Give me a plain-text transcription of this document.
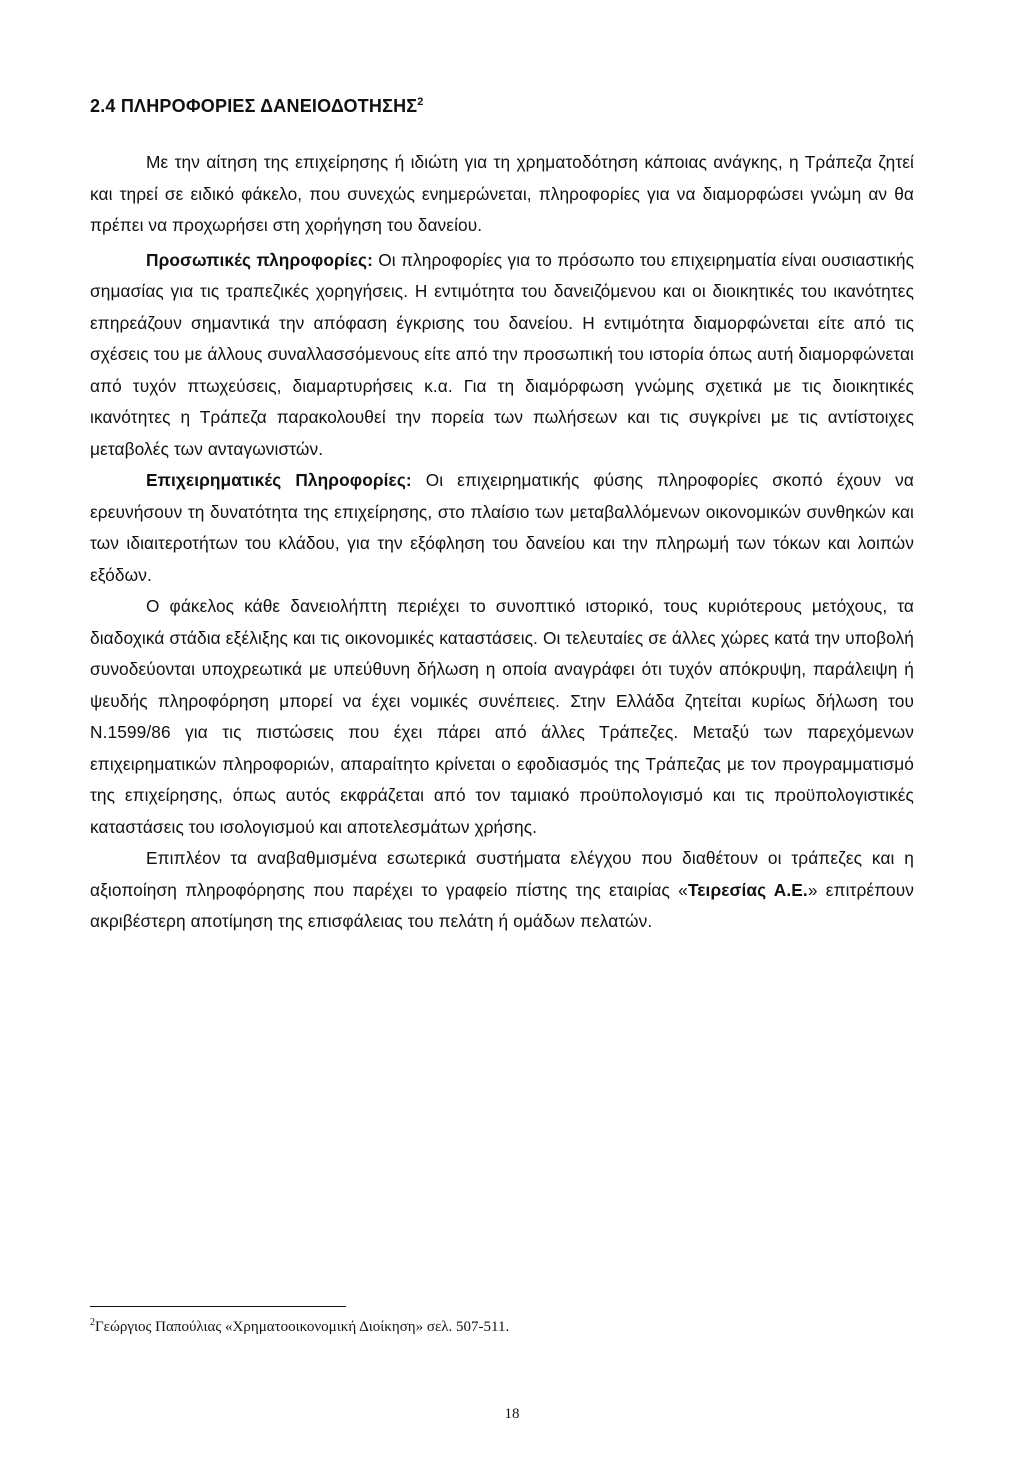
2.4 ΠΛΗΡΟΦΟΡΙΕΣ ΔΑΝΕΙΟΔΟΤΗΣΗΣ$^2$

Με την αίτηση της επιχείρησης ή ιδιώτη για τη χρηματοδότηση κάποιας ανάγκης, η Τράπεζα ζητεί και τηρεί σε ειδικό φάκελο, που συνεχώς ενημερώνεται, πληροφορίες για να διαμορφώσει γνώμη αν θα πρέπει να προχωρήσει στη χορήγηση του δανείου.

Προσωπικές πληροφορίες: Οι πληροφορίες για το πρόσωπο του επιχειρηματία είναι ουσιαστικής σημασίας για τις τραπεζικές χορηγήσεις. Η εντιμότητα του δανειζόμενου και οι διοικητικές του ικανότητες επηρεάζουν σημαντικά την απόφαση έγκρισης του δανείου. Η εντιμότητα διαμορφώνεται είτε από τις σχέσεις του με άλλους συναλλασσόμενους είτε από την προσωπική του ιστορία όπως αυτή διαμορφώνεται από τυχόν πτωχεύσεις, διαμαρτυρήσεις κ.α. Για τη διαμόρφωση γνώμης σχετικά με τις διοικητικές ικανότητες η Τράπεζα παρακολουθεί την πορεία των πωλήσεων και τις συγκρίνει με τις αντίστοιχες μεταβολές των ανταγωνιστών.

Επιχειρηματικές Πληροφορίες: Οι επιχειρηματικής φύσης πληροφορίες σκοπό έχουν να ερευνήσουν τη δυνατότητα της επιχείρησης, στο πλαίσιο των μεταβαλλόμενων οικονομικών συνθηκών και των ιδιαιτεροτήτων του κλάδου, για την εξόφληση του δανείου και την πληρωμή των τόκων και λοιπών εξόδων.

Ο φάκελος κάθε δανειολήπτη περιέχει το συνοπτικό ιστορικό, τους κυριότερους μετόχους, τα διαδοχικά στάδια εξέλιξης και τις οικονομικές καταστάσεις. Οι τελευταίες σε άλλες χώρες κατά την υποβολή συνοδεύονται υποχρεωτικά με υπεύθυνη δήλωση η οποία αναγράφει ότι τυχόν απόκρυψη, παράλειψη ή ψευδής πληροφόρηση μπορεί να έχει νομικές συνέπειες. Στην Ελλάδα ζητείται κυρίως δήλωση του Ν.1599/86 για τις πιστώσεις που έχει πάρει από άλλες Τράπεζες. Μεταξύ των παρεχόμενων επιχειρηματικών πληροφοριών, απαραίτητο κρίνεται ο εφοδιασμός της Τράπεζας με τον προγραμματισμό της επιχείρησης, όπως αυτός εκφράζεται από τον ταμιακό προϋπολογισμό και τις προϋπολογιστικές καταστάσεις του ισολογισμού και αποτελεσμάτων χρήσης.

Επιπλέον τα αναβαθμισμένα εσωτερικά συστήματα ελέγχου που διαθέτουν οι τράπεζες και η αξιοποίηση πληροφόρησης που παρέχει το γραφείο πίστης της εταιρίας «Τειρεσίας Α.Ε.» επιτρέπουν ακριβέστερη αποτίμηση της επισφάλειας του πελάτη ή ομάδων πελατών.

$^2$Γεώργιος Παπούλιας «Χρηματοοικονομική Διοίκηση» σελ. 507-511.
18
